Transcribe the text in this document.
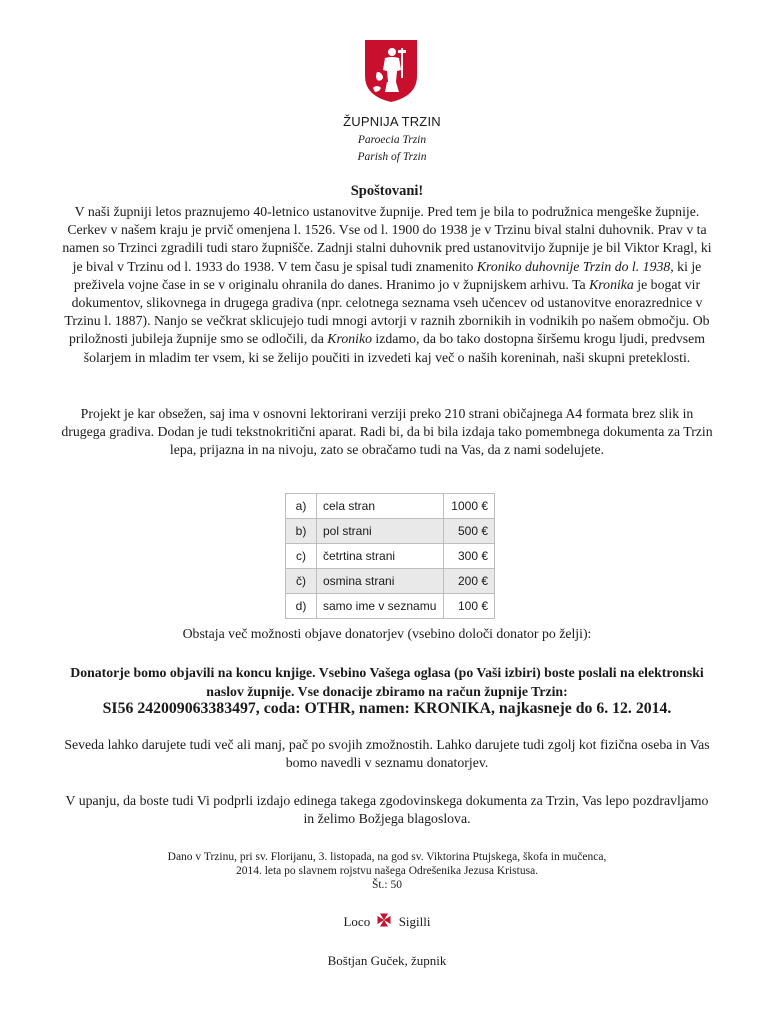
ŽUPNIJA TRZIN
Paroecia Trzin
Parish of Trzin
Spoštovani!
V naši župniji letos praznujemo 40-letnico ustanovitve župnije. Pred tem je bila to podružnica mengeške župnije. Cerkev v našem kraju je prvič omenjena l. 1526. Vse od l. 1900 do 1938 je v Trzinu bival stalni duhovnik. Prav v ta namen so Trzinci zgradili tudi staro župnišče. Zadnji stalni duhovnik pred ustanovitvijo župnije je bil Viktor Kragl, ki je bival v Trzinu od l. 1933 do 1938. V tem času je spisal tudi znamenito Kroniko duhovnije Trzin do l. 1938, ki je preživela vojne čase in se v originalu ohranila do danes. Hranimo jo v župnijskem arhivu. Ta Kronika je bogat vir dokumentov, slikovnega in drugega gradiva (npr. celotnega seznama vseh učencev od ustanovitve enorazrednice v Trzinu l. 1887). Nanjo se večkrat sklicujejo tudi mnogi avtorji v raznih zbornikih in vodnikih po našem območju. Ob priložnosti jubileja župnije smo se odločili, da Kroniko izdamo, da bo tako dostopna širšemu krogu ljudi, predvsem šolarjem in mladim ter vsem, ki se želijo poučiti in izvedeti kaj več o naših koreninah, naši skupni preteklosti.
Projekt je kar obsežen, saj ima v osnovni lektorirani verziji preko 210 strani običajnega A4 formata brez slik in drugega gradiva. Dodan je tudi tekstnokritični aparat. Radi bi, da bi bila izdaja tako pomembnega dokumenta za Trzin lepa, prijazna in na nivoju, zato se obračamo tudi na Vas, da z nami sodelujete.
a)	cela stran	1000 €
b)	pol strani	500 €
c)	četrtina strani	300 €
č)	osmina strani	200 €
d)	samo ime v seznamu	100 €
Obstaja več možnosti objave donatorjev (vsebino določi donator po želji):
Donatorje bomo objavili na koncu knjige. Vsebino Vašega oglasa (po Vaši izbiri) boste poslali na elektronski naslov župnije. Vse donacije zbiramo na račun župnije Trzin:
SI56 242009063383497, coda: OTHR, namen: KRONIKA, najkasneje do 6. 12. 2014.
Seveda lahko darujete tudi več ali manj, pač po svojih zmožnostih. Lahko darujete tudi zgolj kot fizična oseba in Vas bomo navedli v seznamu donatorjev.
V upanju, da boste tudi Vi podprli izdajo edinega takega zgodovinskega dokumenta za Trzin, Vas lepo pozdravljamo in želimo Božjega blagoslova.
Dano v Trzinu, pri sv. Florijanu, 3. listopada, na god sv. Viktorina Ptujskega, škofa in mučenca,
2014. leta po slavnem rojstvu našega Odrešenika Jezusa Kristusa.
Št.: 50
Loco Sigilli
Boštjan Guček, župnik
